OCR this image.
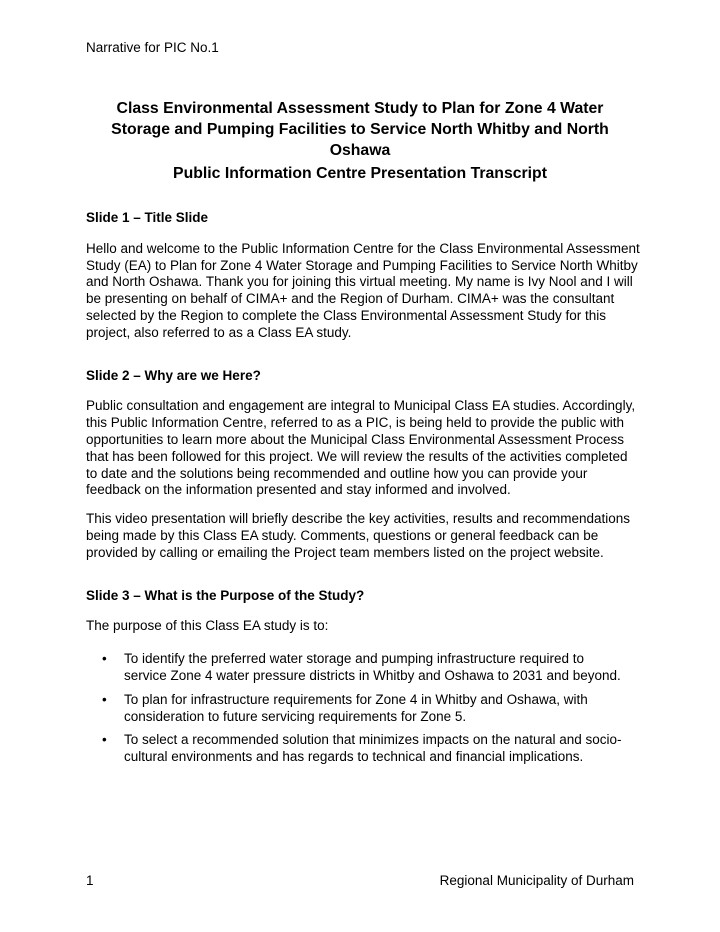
Narrative for PIC No.1
Class Environmental Assessment Study to Plan for Zone 4 Water Storage and Pumping Facilities to Service North Whitby and North Oshawa
Public Information Centre Presentation Transcript
Slide 1 – Title Slide

Hello and welcome to the Public Information Centre for the Class Environmental Assessment Study (EA) to Plan for Zone 4 Water Storage and Pumping Facilities to Service North Whitby and North Oshawa. Thank you for joining this virtual meeting. My name is Ivy Nool and I will be presenting on behalf of CIMA+ and the Region of Durham. CIMA+ was the consultant selected by the Region to complete the Class Environmental Assessment Study for this project, also referred to as a Class EA study.

Slide 2 – Why are we Here?

Public consultation and engagement are integral to Municipal Class EA studies. Accordingly, this Public Information Centre, referred to as a PIC, is being held to provide the public with opportunities to learn more about the Municipal Class Environmental Assessment Process that has been followed for this project. We will review the results of the activities completed to date and the solutions being recommended and outline how you can provide your feedback on the information presented and stay informed and involved.

This video presentation will briefly describe the key activities, results and recommendations being made by this Class EA study. Comments, questions or general feedback can be provided by calling or emailing the Project team members listed on the project website.

Slide 3 – What is the Purpose of the Study?

The purpose of this Class EA study is to:

• To identify the preferred water storage and pumping infrastructure required to service Zone 4 water pressure districts in Whitby and Oshawa to 2031 and beyond.
• To plan for infrastructure requirements for Zone 4 in Whitby and Oshawa, with consideration to future servicing requirements for Zone 5.
• To select a recommended solution that minimizes impacts on the natural and socio-cultural environments and has regards to technical and financial implications.
1	Regional Municipality of Durham
